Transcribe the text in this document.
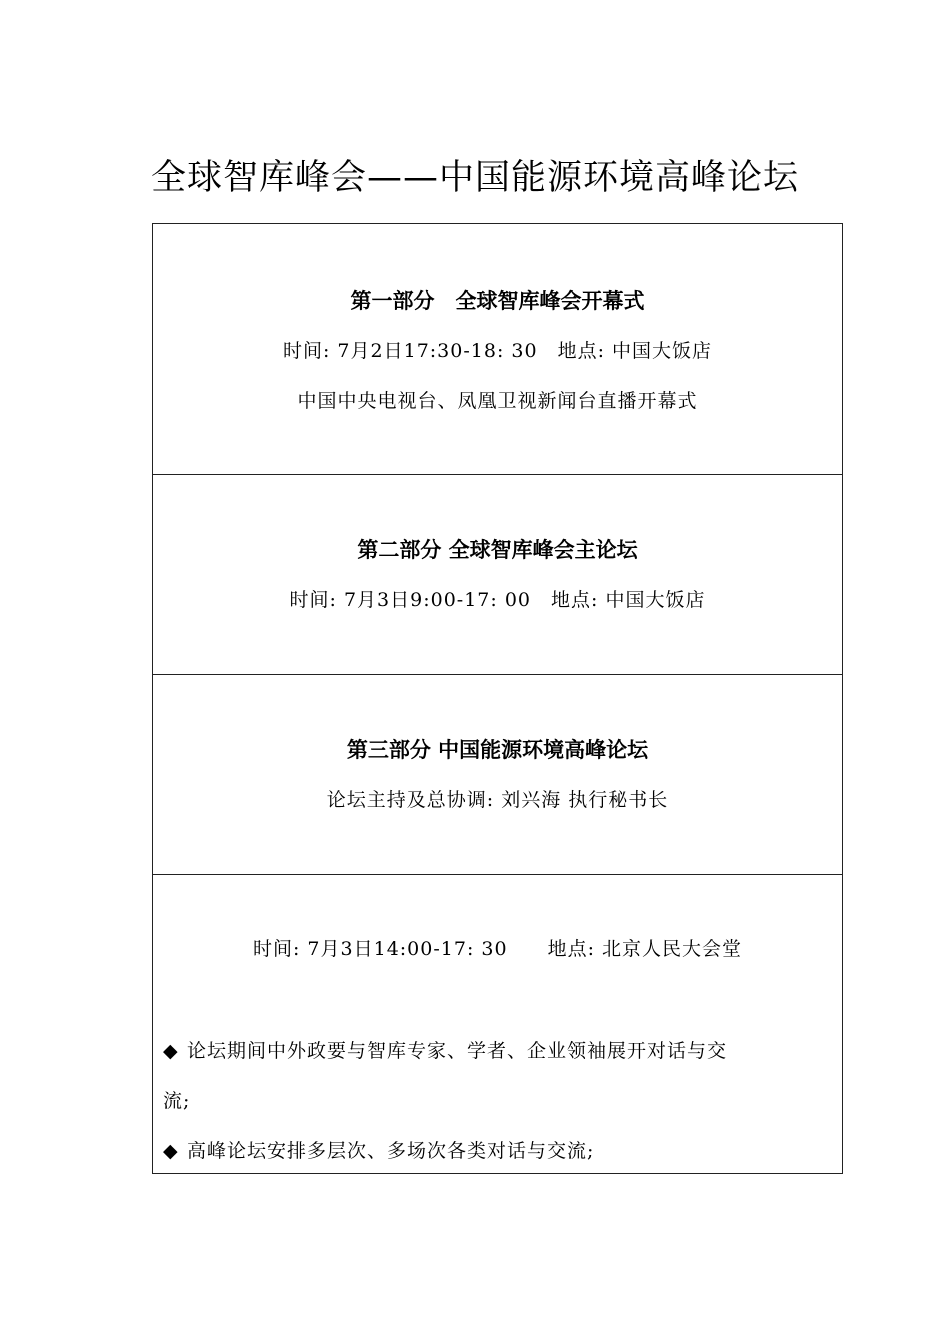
全球智库峰会——中国能源环境高峰论坛
第一部分　全球智库峰会开幕式
时间: 7月2日17:30-18: 30　地点: 中国大饭店
中国中央电视台、凤凰卫视新闻台直播开幕式
第二部分 全球智库峰会主论坛
时间: 7月3日9:00-17: 00　地点: 中国大饭店
第三部分 中国能源环境高峰论坛
论坛主持及总协调: 刘兴海 执行秘书长
时间: 7月3日14:00-17: 30　　地点: 北京人民大会堂
◆ 论坛期间中外政要与智库专家、学者、企业领袖展开对话与交
流;
◆ 高峰论坛安排多层次、多场次各类对话与交流;
